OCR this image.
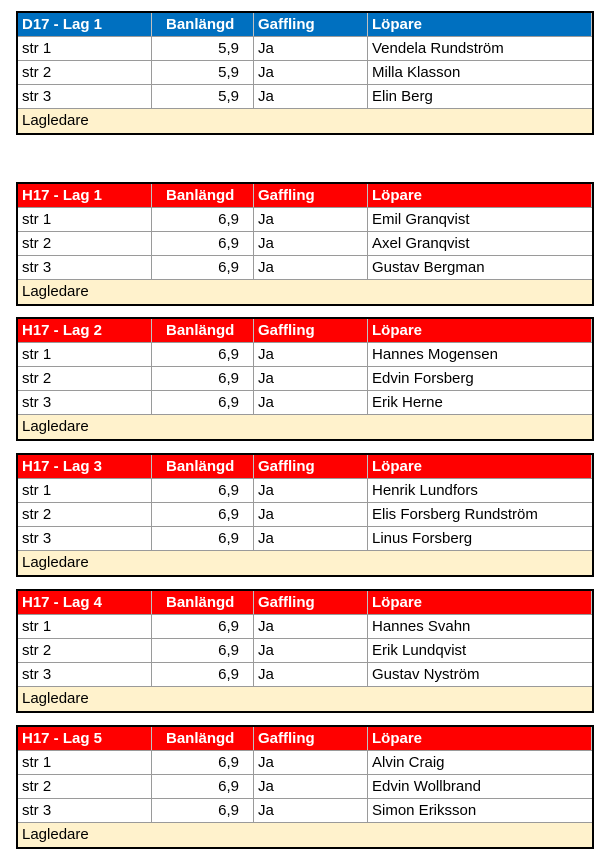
D17 - Lag 1	Banlängd	Gaffling	Löpare
str 1	5,9	Ja	Vendela Rundström
str 2	5,9	Ja	Milla Klasson
str 3	5,9	Ja	Elin Berg
Lagledare
H17 - Lag 1	Banlängd	Gaffling	Löpare
str 1	6,9	Ja	Emil Granqvist
str 2	6,9	Ja	Axel Granqvist
str 3	6,9	Ja	Gustav Bergman
Lagledare
H17 - Lag 2	Banlängd	Gaffling	Löpare
str 1	6,9	Ja	Hannes Mogensen
str 2	6,9	Ja	Edvin Forsberg
str 3	6,9	Ja	Erik Herne
Lagledare
H17 - Lag 3	Banlängd	Gaffling	Löpare
str 1	6,9	Ja	Henrik Lundfors
str 2	6,9	Ja	Elis Forsberg Rundström
str 3	6,9	Ja	Linus Forsberg
Lagledare
H17 - Lag 4	Banlängd	Gaffling	Löpare
str 1	6,9	Ja	Hannes Svahn
str 2	6,9	Ja	Erik Lundqvist
str 3	6,9	Ja	Gustav Nyström
Lagledare
H17 - Lag 5	Banlängd	Gaffling	Löpare
str 1	6,9	Ja	Alvin Craig
str 2	6,9	Ja	Edvin Wollbrand
str 3	6,9	Ja	Simon Eriksson
Lagledare
